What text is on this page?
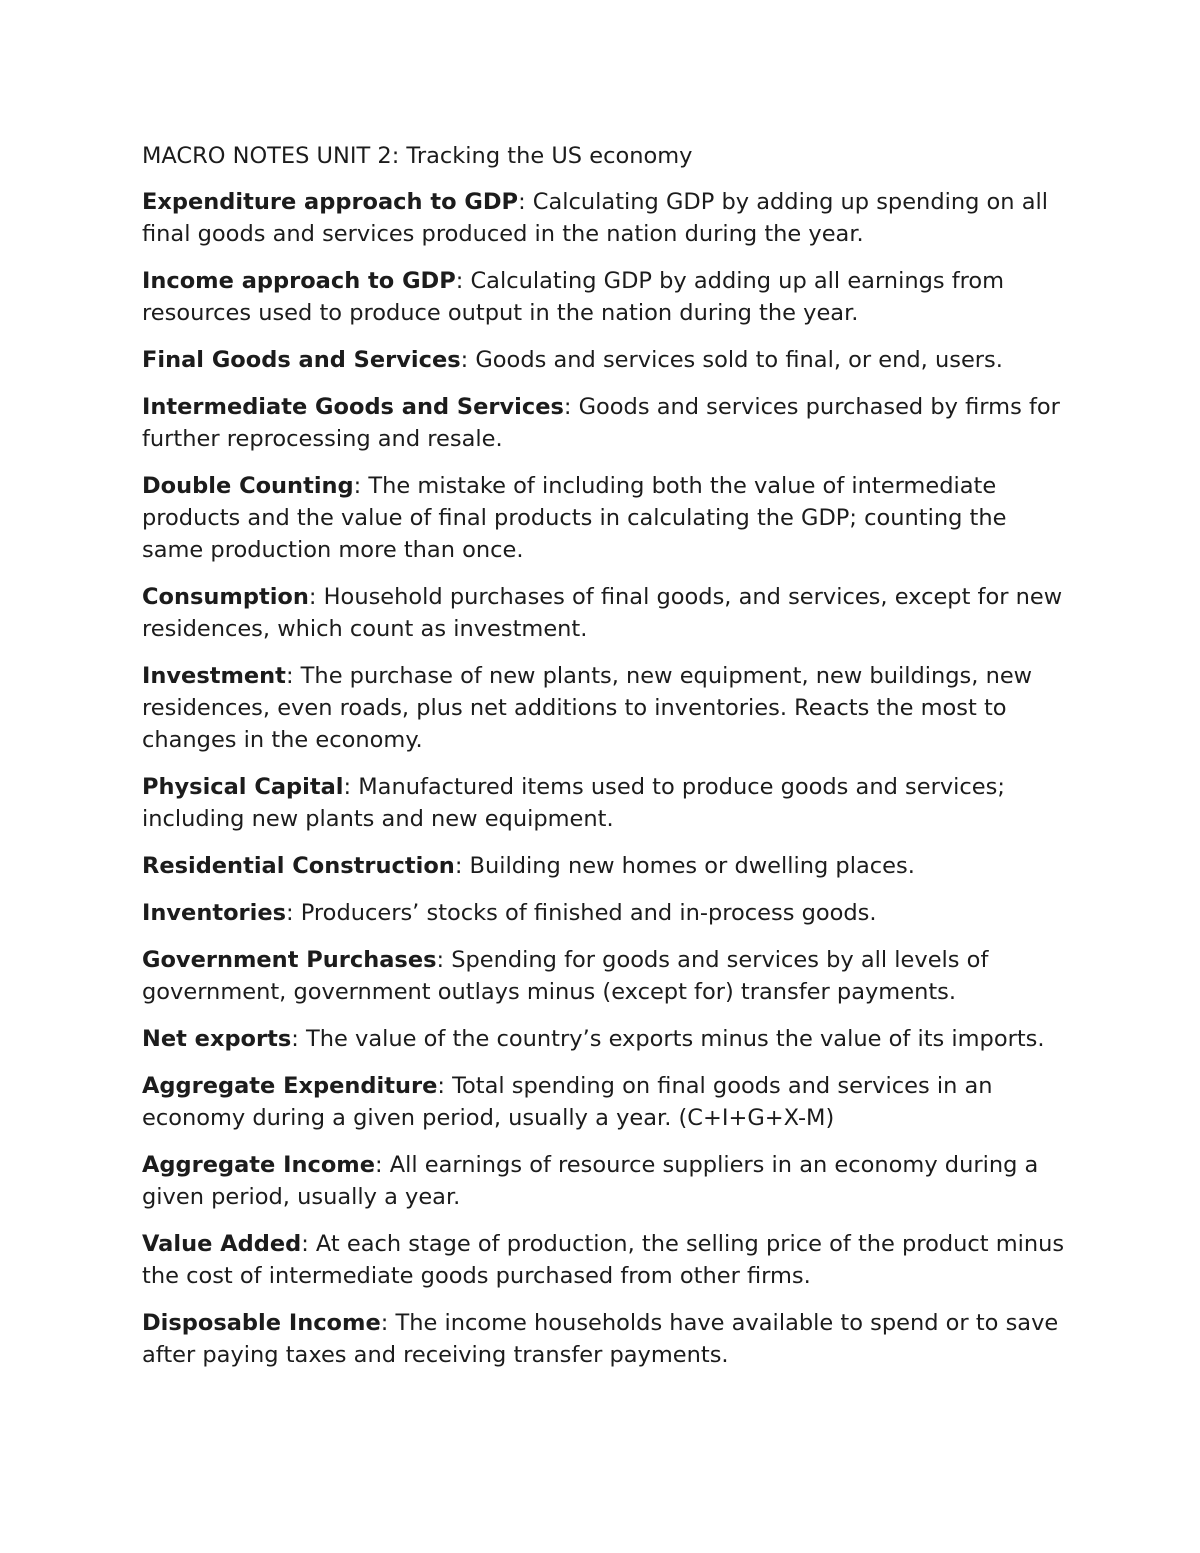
MACRO NOTES UNIT 2: Tracking the US economy

Expenditure approach to GDP: Calculating GDP by adding up spending on all final goods and services produced in the nation during the year.

Income approach to GDP: Calculating GDP by adding up all earnings from resources used to produce output in the nation during the year.

Final Goods and Services: Goods and services sold to final, or end, users.

Intermediate Goods and Services: Goods and services purchased by firms for further reprocessing and resale.

Double Counting: The mistake of including both the value of intermediate products and the value of final products in calculating the GDP; counting the same production more than once.

Consumption: Household purchases of final goods, and services, except for new residences, which count as investment.

Investment: The purchase of new plants, new equipment, new buildings, new residences, even roads, plus net additions to inventories. Reacts the most to changes in the economy.

Physical Capital: Manufactured items used to produce goods and services; including new plants and new equipment.

Residential Construction: Building new homes or dwelling places.

Inventories: Producers’ stocks of finished and in-process goods.

Government Purchases: Spending for goods and services by all levels of government, government outlays minus (except for) transfer payments.

Net exports: The value of the country’s exports minus the value of its imports.

Aggregate Expenditure: Total spending on final goods and services in an economy during a given period, usually a year. (C+I+G+X-M)

Aggregate Income: All earnings of resource suppliers in an economy during a given period, usually a year.

Value Added: At each stage of production, the selling price of the product minus the cost of intermediate goods purchased from other firms.

Disposable Income: The income households have available to spend or to save after paying taxes and receiving transfer payments.
